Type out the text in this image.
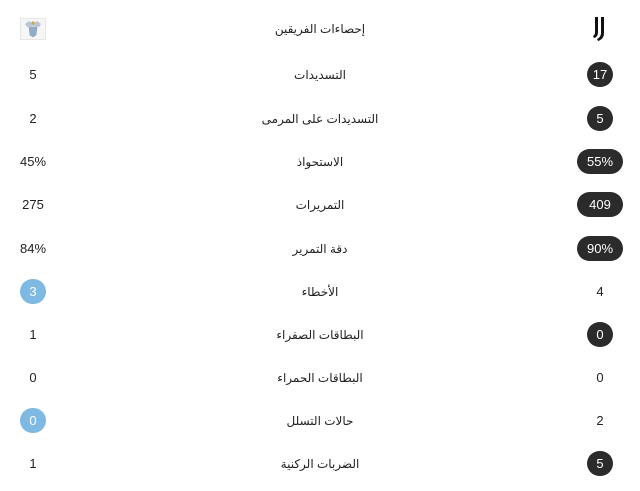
إحصاءات الفريقين
5	التسديدات	17
2	التسديدات على المرمى	5
45%	الاستحواذ	55%
275	التمريرات	409
84%	دقة التمرير	90%
3	الأخطاء	4
1	البطاقات الصفراء	0
0	البطاقات الحمراء	0
0	حالات التسلل	2
1	الضربات الركنية	5
